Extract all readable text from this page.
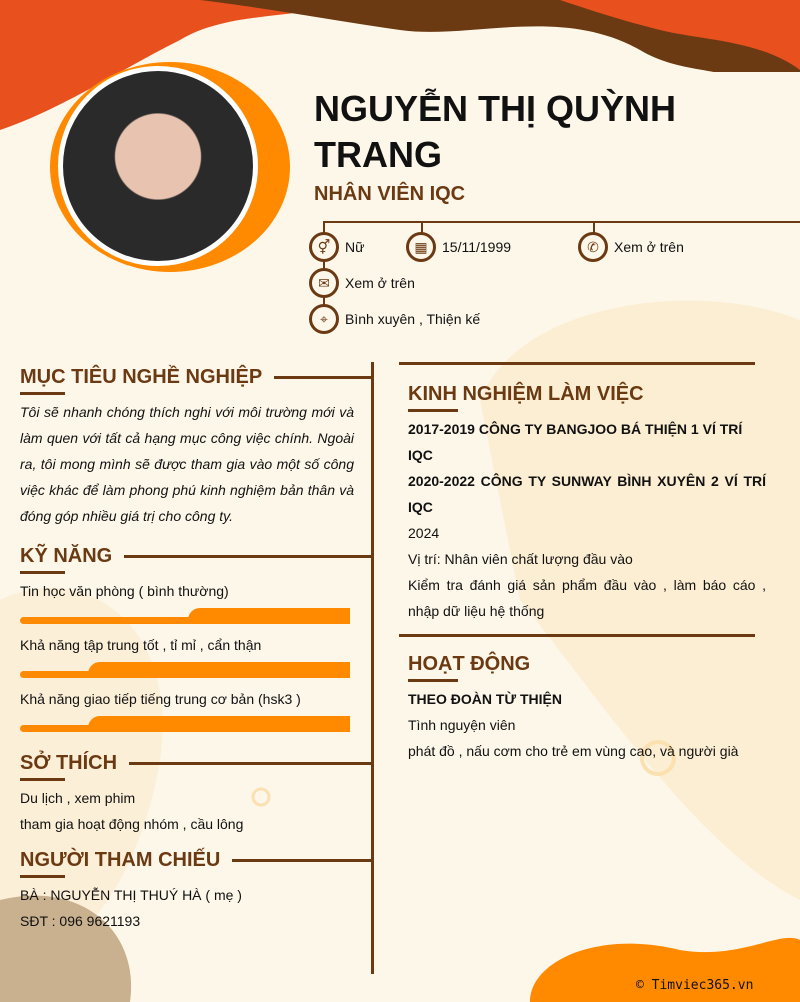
NGUYỄN THỊ QUỲNH
TRANG
NHÂN VIÊN IQC
⚥	Nữ	▦	15/11/1999	✆	Xem ở trên
✉	Xem ở trên
⌖	Bình xuyên , Thiện kế
MỤC TIÊU NGHỀ NGHIỆP
Tôi sẽ nhanh chóng thích nghi với môi trường mới và làm quen với tất cả hạng mục công việc chính. Ngoài ra, tôi mong mình sẽ được tham gia vào một số công việc khác để làm phong phú kinh nghiệm bản thân và đóng góp nhiều giá trị cho công ty.
KỸ NĂNG
Tin học văn phòng ( bình thường)
Khả năng tập trung tốt , tỉ mỉ , cẩn thận
Khả năng giao tiếp tiếng trung cơ bản (hsk3 )
SỞ THÍCH
Du lịch , xem phim
tham gia hoạt động nhóm , cầu lông
NGƯỜI THAM CHIẾU
BÀ : NGUYỄN THỊ THUÝ HÀ ( mẹ )
SĐT : 096 9621193
KINH NGHIỆM LÀM VIỆC
2017-2019 CÔNG TY BANGJOO BÁ THIỆN 1 VÍ TRÍ IQC
2020-2022 CÔNG TY SUNWAY BÌNH XUYÊN 2 VÍ TRÍ IQC
2024
Vị trí: Nhân viên chất lượng đầu vào
Kiểm tra đánh giá sản phẩm đầu vào , làm báo cáo , nhập dữ liệu hệ thống
HOẠT ĐỘNG
THEO ĐOÀN TỪ THIỆN
Tình nguyện viên
phát đồ , nấu cơm cho trẻ em vùng cao, và người già
© Timviec365.vn
